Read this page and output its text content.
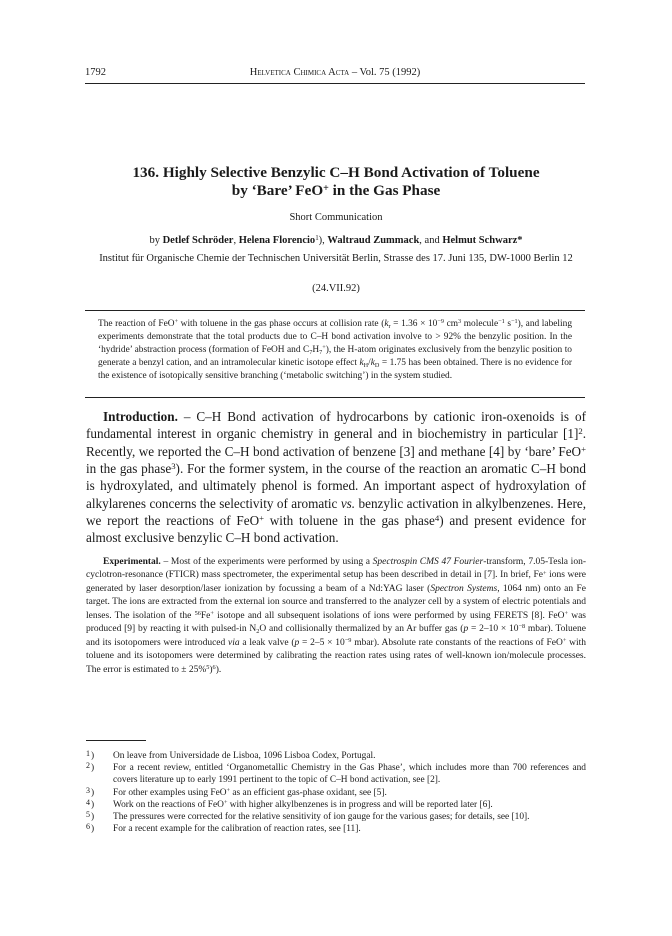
1792	Helvetica Chimica Acta – Vol. 75 (1992)
136. Highly Selective Benzylic C–H Bond Activation of Toluene
by ‘Bare’ FeO+ in the Gas Phase
Short Communication
by Detlef Schröder, Helena Florencio$^1$), Waltraud Zummack, and Helmut Schwarz*
Institut für Organische Chemie der Technischen Universität Berlin, Strasse des 17. Juni 135, DW-1000 Berlin 12
(24.VII.92)
The reaction of FeO+ with toluene in the gas phase occurs at collision rate ($k_r = 1.36 \times 10^{-9}$ $cm^3$ molecule$^{-1}$ $s^{-1}$), and labeling experiments demonstrate that the total products due to C–H bond activation involve to > 92% the benzylic position. In the ‘hydride’ abstraction process (formation of FeOH and $C_7H_7^+$), the H-atom originates exclusively from the benzylic position to generate a benzyl cation, and an intramolecular kinetic isotope effect $k_H/k_D = 1.75$ has been obtained. There is no evidence for the existence of isotopically sensitive branching (‘metabolic switching’) in the system studied.
Introduction. – C–H Bond activation of hydrocarbons by cationic iron-oxenoids is of fundamental interest in organic chemistry in general and in biochemistry in particular $[1]^2$. Recently, we reported the C–H bond activation of benzene [3] and methane [4] by ‘bare’ FeO+ in the gas phase$^3$). For the former system, in the course of the reaction an aromatic C–H bond is hydroxylated, and ultimately phenol is formed. An important aspect of hydroxylation of alkylarenes concerns the selectivity of aromatic vs. benzylic activation in alkylbenzenes. Here, we report the reactions of FeO+ with toluene in the gas phase$^4$) and present evidence for almost exclusive benzylic C–H bond activation.
Experimental. – Most of the experiments were performed by using a Spectrospin CMS 47 Fourier-transform, 7.05-Tesla ion-cyclotron-resonance (FTICR) mass spectrometer, the experimental setup has been described in detail in [7]. In brief, Fe+ ions were generated by laser desorption/laser ionization by focussing a beam of a Nd:YAG laser (Spectron Systems, 1064 nm) onto an Fe target. The ions are extracted from the external ion source and transferred to the analyzer cell by a system of electric potentials and lenses. The isolation of the $^{56}$Fe+ isotope and all subsequent isolations of ions were performed by using FERETS [8]. FeO+ was produced [9] by reacting it with pulsed-in $N_2O$ and collisionally thermalized by an Ar buffer gas ($p = 2-10 \times 10^{-8}$ mbar). Toluene and its isotopomers were introduced via a leak valve ($p = 2-5 \times 10^{-9}$ mbar). Absolute rate constants of the reactions of FeO+ with toluene and its isotopomers were determined by calibrating the reaction rates using rates of well-known ion/molecule processes. The error is estimated to ± 25%$^5$)$^6$).
1 ) On leave from Universidade de Lisboa, 1096 Lisboa Codex, Portugal.
2 ) For a recent review, entitled ‘Organometallic Chemistry in the Gas Phase’, which includes more than 700 references and covers literature up to early 1991 pertinent to the topic of C–H bond activation, see [2].
3 ) For other examples using FeO+ as an efficient gas-phase oxidant, see [5].
4 ) Work on the reactions of FeO+ with higher alkylbenzenes is in progress and will be reported later [6].
5 ) The pressures were corrected for the relative sensitivity of ion gauge for the various gases; for details, see [10].
6 ) For a recent example for the calibration of reaction rates, see [11].
